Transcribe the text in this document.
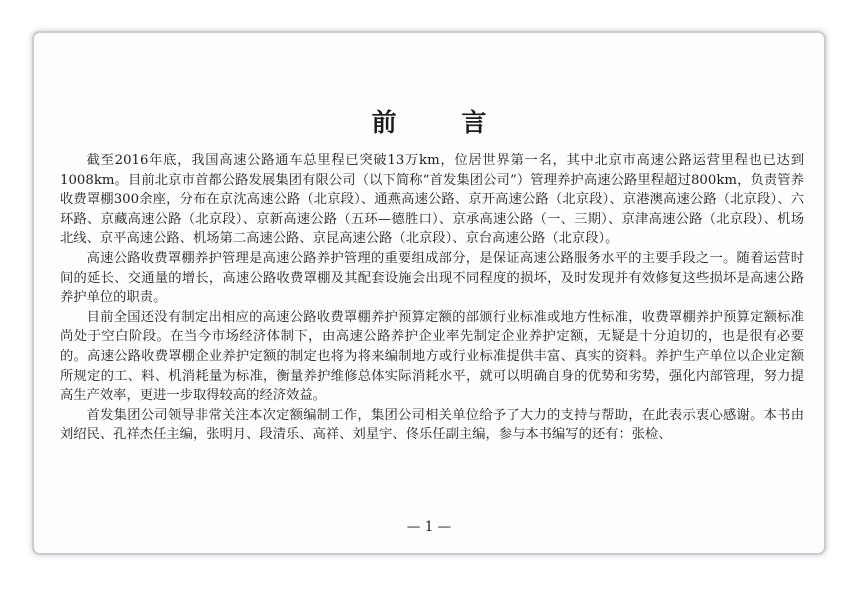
前 言

截至2016年底，我国高速公路通车总里程已突破13万km，位居世界第一名，其中北京市高速公路运营里程也已达到1008km。目前北京市首都公路发展集团有限公司（以下简称“首发集团公司”）管理养护高速公路里程超过800km，负责管养收费罩棚300余座，分布在京沈高速公路（北京段）、通燕高速公路、京开高速公路（北京段）、京港澳高速公路（北京段）、六环路、京藏高速公路（北京段）、京新高速公路（五环—德胜口）、京承高速公路（一、三期）、京津高速公路（北京段）、机场北线、京平高速公路、机场第二高速公路、京昆高速公路（北京段）、京台高速公路（北京段）。

高速公路收费罩棚养护管理是高速公路养护管理的重要组成部分，是保证高速公路服务水平的主要手段之一。随着运营时间的延长、交通量的增长，高速公路收费罩棚及其配套设施会出现不同程度的损坏，及时发现并有效修复这些损坏是高速公路养护单位的职责。

目前全国还没有制定出相应的高速公路收费罩棚养护预算定额的部颁行业标准或地方性标准，收费罩棚养护预算定额标准尚处于空白阶段。在当今市场经济体制下，由高速公路养护企业率先制定企业养护定额，无疑是十分迫切的，也是很有必要的。高速公路收费罩棚企业养护定额的制定也将为将来编制地方或行业标准提供丰富、真实的资料。养护生产单位以企业定额所规定的工、料、机消耗量为标准，衡量养护维修总体实际消耗水平，就可以明确自身的优势和劣势，强化内部管理，努力提高生产效率，更进一步取得较高的经济效益。

首发集团公司领导非常关注本次定额编制工作，集团公司相关单位给予了大力的支持与帮助，在此表示衷心感谢。本书由刘绍民、孔祥杰任主编，张明月、段清乐、高祥、刘星宇、佟乐任副主编，参与本书编写的还有：张检、

— 1 —
